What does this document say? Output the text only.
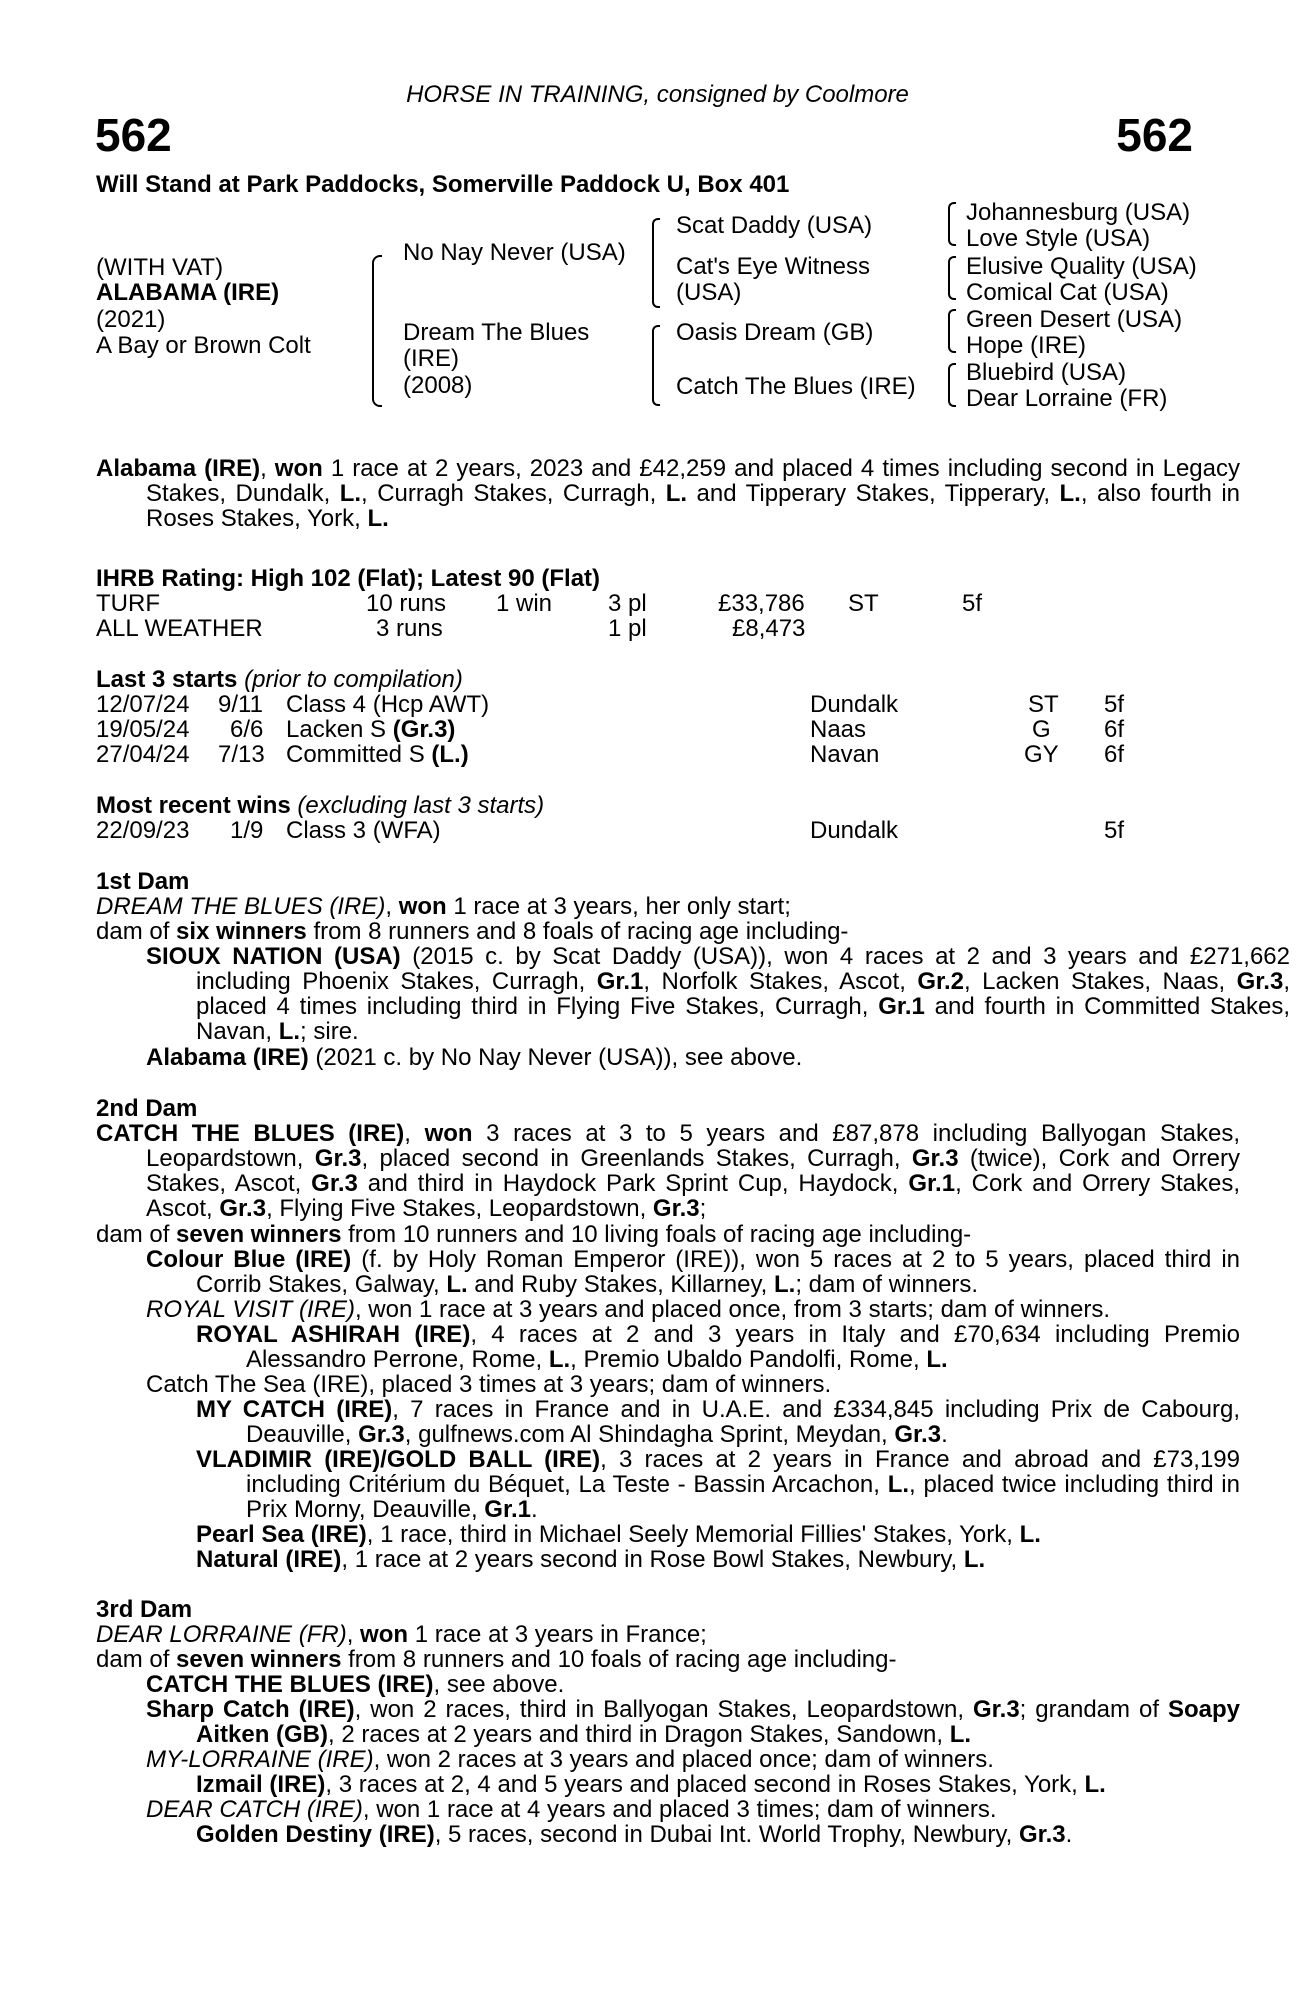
HORSE IN TRAINING, consigned by Coolmore
562	562
Will Stand at Park Paddocks, Somerville Paddock U, Box 401
(WITH VAT)
ALABAMA (IRE)
(2021)
A Bay or Brown Colt
No Nay Never (USA)
Dream The Blues
(IRE)
(2008)
Scat Daddy (USA)
Cat's Eye Witness
(USA)
Oasis Dream (GB)
Catch The Blues (IRE)
Johannesburg (USA)
Love Style (USA)
Elusive Quality (USA)
Comical Cat (USA)
Green Desert (USA)
Hope (IRE)
Bluebird (USA)
Dear Lorraine (FR)
Alabama (IRE), won 1 race at 2 years, 2023 and £42,259 and placed 4 times including second in Legacy Stakes, Dundalk, L., Curragh Stakes, Curragh, L. and Tipperary Stakes, Tipperary, L., also fourth in Roses Stakes, York, L.
IHRB Rating: High 102 (Flat); Latest 90 (Flat)
TURF	10 runs 1 win 3 pl	£33,786 ST	5f
ALL WEATHER	3 runs	1 pl	£8,473
Last 3 starts (prior to compilation)
12/07/24 9/11 Class 4 (Hcp AWT)	Dundalk	ST 5f
19/05/24 6/6 Lacken S (Gr.3)	Naas	G 6f
27/04/24 7/13 Committed S (L.)	Navan	GY 6f
Most recent wins (excluding last 3 starts)
22/09/23 1/9 Class 3 (WFA)	Dundalk	5f
1st Dam
DREAM THE BLUES (IRE), won 1 race at 3 years, her only start;
dam of six winners from 8 runners and 8 foals of racing age including-
SIOUX NATION (USA) (2015 c. by Scat Daddy (USA)), won 4 races at 2 and 3 years and £271,662 including Phoenix Stakes, Curragh, Gr.1, Norfolk Stakes, Ascot, Gr.2, Lacken Stakes, Naas, Gr.3, placed 4 times including third in Flying Five Stakes, Curragh, Gr.1 and fourth in Committed Stakes, Navan, L.; sire.
Alabama (IRE) (2021 c. by No Nay Never (USA)), see above.
2nd Dam
CATCH THE BLUES (IRE), won 3 races at 3 to 5 years and £87,878 including Ballyogan Stakes, Leopardstown, Gr.3, placed second in Greenlands Stakes, Curragh, Gr.3 (twice), Cork and Orrery Stakes, Ascot, Gr.3 and third in Haydock Park Sprint Cup, Haydock, Gr.1, Cork and Orrery Stakes, Ascot, Gr.3, Flying Five Stakes, Leopardstown, Gr.3;
dam of seven winners from 10 runners and 10 living foals of racing age including-
Colour Blue (IRE) (f. by Holy Roman Emperor (IRE)), won 5 races at 2 to 5 years, placed third in Corrib Stakes, Galway, L. and Ruby Stakes, Killarney, L.; dam of winners.
ROYAL VISIT (IRE), won 1 race at 3 years and placed once, from 3 starts; dam of winners.
ROYAL ASHIRAH (IRE), 4 races at 2 and 3 years in Italy and £70,634 including Premio Alessandro Perrone, Rome, L., Premio Ubaldo Pandolfi, Rome, L.
Catch The Sea (IRE), placed 3 times at 3 years; dam of winners.
MY CATCH (IRE), 7 races in France and in U.A.E. and £334,845 including Prix de Cabourg, Deauville, Gr.3, gulfnews.com Al Shindagha Sprint, Meydan, Gr.3.
VLADIMIR (IRE)/GOLD BALL (IRE), 3 races at 2 years in France and abroad and £73,199 including Critérium du Béquet, La Teste - Bassin Arcachon, L., placed twice including third in Prix Morny, Deauville, Gr.1.
Pearl Sea (IRE), 1 race, third in Michael Seely Memorial Fillies' Stakes, York, L.
Natural (IRE), 1 race at 2 years second in Rose Bowl Stakes, Newbury, L.
3rd Dam
DEAR LORRAINE (FR), won 1 race at 3 years in France;
dam of seven winners from 8 runners and 10 foals of racing age including-
CATCH THE BLUES (IRE), see above.
Sharp Catch (IRE), won 2 races, third in Ballyogan Stakes, Leopardstown, Gr.3; grandam of Soapy Aitken (GB), 2 races at 2 years and third in Dragon Stakes, Sandown, L.
MY-LORRAINE (IRE), won 2 races at 3 years and placed once; dam of winners.
Izmail (IRE), 3 races at 2, 4 and 5 years and placed second in Roses Stakes, York, L.
DEAR CATCH (IRE), won 1 race at 4 years and placed 3 times; dam of winners.
Golden Destiny (IRE), 5 races, second in Dubai Int. World Trophy, Newbury, Gr.3.
